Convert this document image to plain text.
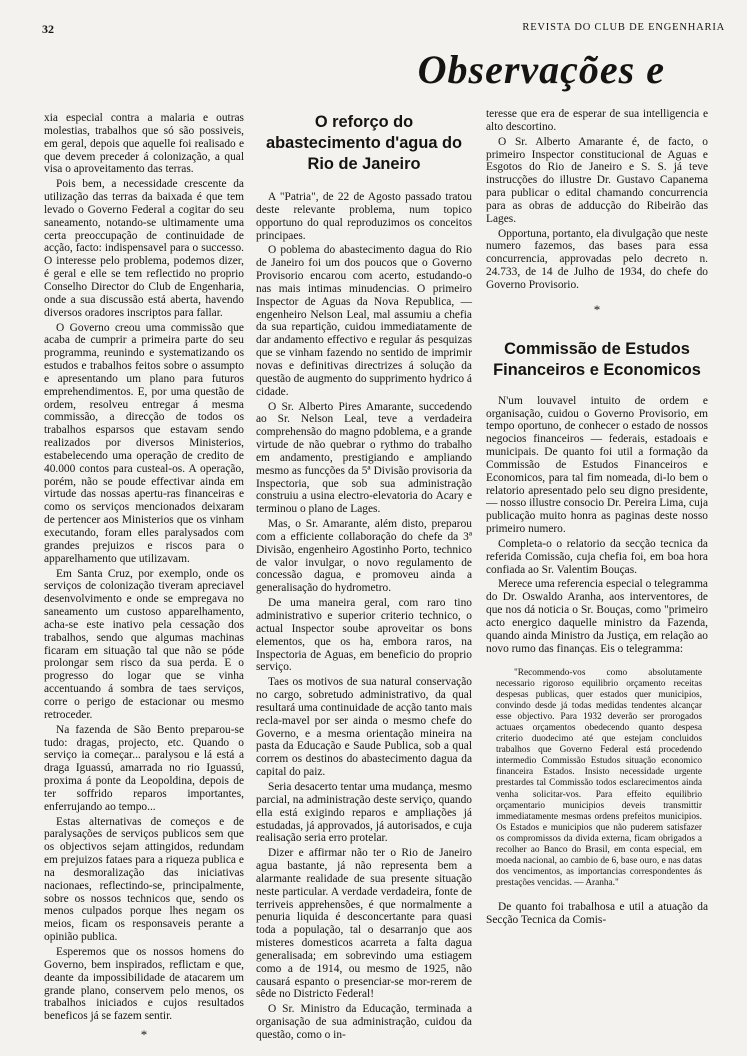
32	REVISTA DO CLUB DE ENGENHARIA
Observações e

xia especial contra a malaria e outras molestias, trabalhos que só são possiveis, em geral, depois que aquelle foi realisado e que devem preceder á colonização, a qual visa o aproveitamento das terras.

Pois bem, a necessidade crescente da utilização das terras da baixada é que tem levado o Governo Federal a cogitar do seu saneamento, notando-se ultimamente uma certa preoccupação de continuidade de acção, facto: indispensavel para o successo. O interesse pelo problema, podemos dizer, é geral e elle se tem reflectido no proprio Conselho Director do Club de Engenharia, onde a sua discussão está aberta, havendo diversos oradores inscriptos para fallar.

O Governo creou uma commissão que acaba de cumprir a primeira parte do seu programma, reunindo e systematizando os estudos e trabalhos feitos sobre o assumpto e apresentando um plano para futuros emprehendimentos. E, por uma questão de ordem, resolveu entregar á mesma commissão, a direcção de todos os trabalhos esparsos que estavam sendo realizados por diversos Ministerios, estabelecendo uma operação de credito de 40.000 contos para custeal-os. A operação, porém, não se poude effectivar ainda em virtude das nossas apertu-ras financeiras e como os serviços mencionados deixaram de pertencer aos Ministerios que os vinham executando, foram elles paralysados com grandes prejuizos e riscos para o apparelhamento que utilizavam.

Em Santa Cruz, por exemplo, onde os serviços de colonização tiveram apreciavel desenvolvimento e onde se empregava no saneamento um custoso apparelhamento, acha-se este inativo pela cessação dos trabalhos, sendo que algumas machinas ficaram em situação tal que não se póde prolongar sem risco da sua perda. E o progresso do logar que se vinha accentuando á sombra de taes serviços, corre o perigo de estacionar ou mesmo retroceder.

Na fazenda de São Bento preparou-se tudo: dragas, projecto, etc. Quando o serviço ia começar... paralysou e lá está a draga Iguassú, amarrada no rio Iguassú, proxima á ponte da Leopoldina, depois de ter soffrido reparos importantes, enferrujando ao tempo...

Estas alternativas de começos e de paralysações de serviços publicos sem que os objectivos sejam attingidos, redundam em prejuizos fataes para a riqueza publica e na desmoralização das iniciativas nacionaes, reflectindo-se, principalmente, sobre os nossos technicos que, sendo os menos culpados porque lhes negam os meios, ficam os responsaveis perante a opinião publica.

Esperemos que os nossos homens do Governo, bem inspirados, reflictam e que, deante da impossibilidade de atacarem um grande plano, conservem pelo menos, os trabalhos iniciados e cujos resultados beneficos já se fazem sentir.

*
O reforço do abastecimento d'agua do Rio de Janeiro

A "Patria", de 22 de Agosto passado tratou deste relevante problema, num topico opportuno do qual reproduzimos os conceitos principaes.

O poblema do abastecimento dagua do Rio de Janeiro foi um dos poucos que o Governo Provisorio encarou com acerto, estudando-o nas mais intimas minudencias. O primeiro Inspector de Aguas da Nova Republica, — engenheiro Nelson Leal, mal assumiu a chefia da sua repartição, cuidou immediatamente de dar andamento effectivo e regular ás pesquizas que se vinham fazendo no sentido de imprimir novas e definitivas directrizes á solução da questão de augmento do supprimento hydrico á cidade.

O Sr. Alberto Pires Amarante, succedendo ao Sr. Nelson Leal, teve a verdadeira comprehensão do magno pdoblema, e a grande virtude de não quebrar o rythmo do trabalho em andamento, prestigiando e ampliando mesmo as funcções da 5ª Divisão provisoria da Inspectoria, que sob sua administração construiu a usina electro-elevatoria do Acary e terminou o plano de Lages.

Mas, o Sr. Amarante, além disto, preparou com a efficiente collaboração do chefe da 3ª Divisão, engenheiro Agostinho Porto, technico de valor invulgar, o novo regulamento de concessão dagua, e promoveu ainda a generalisação do hydrometro.

De uma maneira geral, com raro tino administrativo e superior criterio technico, o actual Inspector soube aproveitar os bons elementos, que os ha, embora raros, na Inspectoria de Aguas, em beneficio do proprio serviço.

Taes os motivos de sua natural conservação no cargo, sobretudo administrativo, da qual resultará uma continuidade de acção tanto mais recla-mavel por ser ainda o mesmo chefe do Governo, e a mesma orientação mineira na pasta da Educação e Saude Publica, sob a qual correm os destinos do abastecimento dagua da capital do paiz.

Seria desacerto tentar uma mudança, mesmo parcial, na administração deste serviço, quando ella está exigindo reparos e ampliações já estudadas, já approvados, já autorisados, e cuja realisação seria erro protelar.

Dizer e affirmar não ter o Rio de Janeiro agua bastante, já não representa bem a alarmante realidade de sua presente situação neste particular. A verdade verdadeira, fonte de terriveis apprehensões, é que normalmente a penuria liquida é desconcertante para quasi toda a população, tal o desarranjo que aos misteres domesticos acarreta a falta dagua generalisada; em sobrevindo uma estiagem como a de 1914, ou mesmo de 1925, não causará espanto o presenciar-se mor-rerem de sêde no Districto Federal!

O Sr. Ministro da Educação, terminada a organisação de sua administração, cuidou da questão, como o in-

teresse que era de esperar de sua intelligencia e alto descortino.

O Sr. Alberto Amarante é, de facto, o primeiro Inspector constitucional de Aguas e Esgotos do Rio de Janeiro e S. S. já teve instrucções do illustre Dr. Gustavo Capanema para publicar o edital chamando concurrencia para as obras de adducção do Ribeirão das Lages.

Opportuna, portanto, ela divulgação que neste numero fazemos, das bases para essa concurrencia, approvadas pelo decreto n. 24.733, de 14 de Julho de 1934, do chefe do Governo Provisorio.

*
Commissão de Estudos Financeiros e Economicos

N'um louvavel intuito de ordem e organisação, cuidou o Governo Provisorio, em tempo oportuno, de conhecer o estado de nossos negocios financeiros — federais, estadoais e municipais. De quanto foi util a formação da Commissão de Estudos Financeiros e Economicos, para tal fim nomeada, di-lo bem o relatorio apresentado pelo seu digno presidente, — nosso illustre consocio Dr. Pereira Lima, cuja publicação muito honra as paginas deste nosso primeiro numero.

Completa-o o relatorio da secção tecnica da referida Comissão, cuja chefia foi, em boa hora confiada ao Sr. Valentim Bouças.

Merece uma referencia especial o telegramma do Dr. Oswaldo Aranha, aos interventores, de que nos dá noticia o Sr. Bouças, como "primeiro acto energico daquelle ministro da Fazenda, quando ainda Ministro da Justiça, em relação ao novo rumo das finanças. Eis o telegramma:

"Recommendo-vos como absolutamente necessario rigoroso equilibrio orçamento receitas despesas publicas, quer estados quer municipios, convindo desde já todas medidas tendentes alcançar esse objectivo. Para 1932 deverão ser prorogados actuaes orçamentos obedecendo quanto despesa criterio duodecimo até que estejam concluidos trabalhos que Governo Federal está procedendo intermedio Commissão Estudos situação economico financeira Estados. Insisto necessidade urgente prestardes tal Commissão todos esclarecimentos ainda venha solicitar-vos. Para effeito equilibrio orçamentario municipios deveis transmittir immediatamente mesmas ordens prefeitos municipios. Os Estados e municipios que não puderem satisfazer os compromissos da divida externa, ficam obrigados a recolher ao Banco do Brasil, em conta especial, em moeda nacional, ao cambio de 6, base ouro, e nas datas dos vencimentos, as importancias correspondentes ás prestações vencidas. — Aranha."

De quanto foi trabalhosa e util a atuação da Secção Tecnica da Comis-
